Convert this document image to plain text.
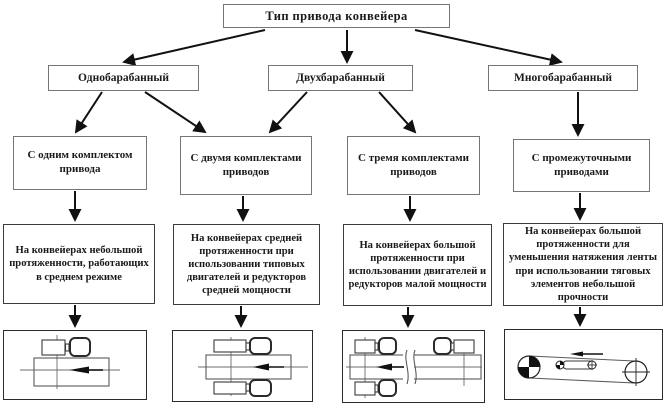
Тип привода конвейера
Однобарабанный	Двухбарабанный	Многобарабанный
С одним комплектом привода
С двумя комплектами приводов
С тремя комплектами приводов
С промежуточными приводами
На конвейерах небольшой протяженности, работающих в среднем режиме
На конвейерах средней протяженности при использовании типовых двигателей и редукторов средней мощности
На конвейерах большой протяженности при использовании двигателей и редукторов малой мощности
На конвейерах большой протяженности для уменьшения натяжения ленты при использовании тяговых элементов небольшой прочности
